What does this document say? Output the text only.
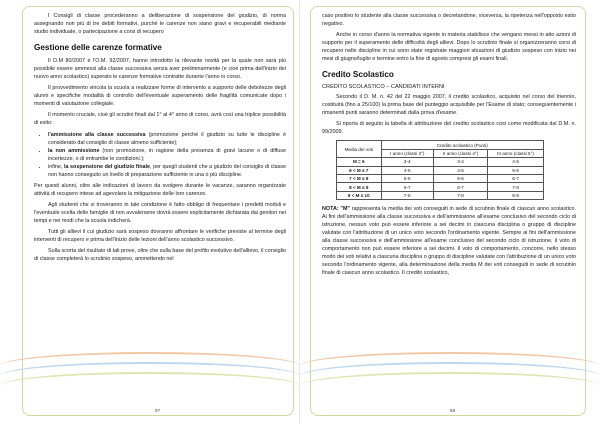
I Consigli di classe procederanno a deliberazione di sospensione del giudizio, di norma assegnando non più di tre debiti formativi, purché le carenze non siano gravi e recuperabili mediante studio individuale, o partecipazione a corsi di recupero

Gestione delle carenze formative

Il D.M 80/2007 e l'O.M. 92/2007, hanno introdotto la rilevante novità per la quale non sarà più possibile essere ammessi alla classe successiva senza aver preliminarmente (e cioè prima dell'inizio del nuovo anno scolastico) superato le carenze formative contratte durante l'anno in corso.

Il provvedimento vincola la scuola a realizzare forme di intervento a supporto delle debolezze degli alunni e specifiche modalità di controllo dell'eventuale superamento delle fragilità comunicate dopo i momenti di valutazione collegiale.

Il momento cruciale, cioè gli scrutini finali dal 1° al 4° anno di corso, avrà così una triplice possibilità di esito:

• l'ammissione alla classe successiva (promozione perché il giudizio su tutte le discipline è considerato dal consiglio di classe almeno sufficiente);
• la non ammissione (non promozione, in ragione della presenza di gravi lacune o di diffuse incertezze, o di entrambe le condizioni.);
• infine, la sospensione del giudizio finale, per quegli studenti che a giudizio del consiglio di classe non hanno conseguito un livello di preparazione sufficiente in una o più discipline.

Per questi alunni, oltre alle indicazioni di lavoro da svolgere durante le vacanze, saranno organizzate attività di recupero intese ad agevolare la mitigazione delle loro carenze.

Agli studenti che si troveranno in tale condizione è fatto obbligo di frequentare i predetti moduli e l'eventuale scelta delle famiglie di non avvalersene dovrà essere esplicitamente dichiarata dai genitori nei tempi e nei modi che la scuola indicherà.

Tutti gli allievi il cui giudizio sarà sospeso dovranno affrontare le verifiche previste al termine degli interventi di recupero e prima dell'inizio delle lezioni dell'anno scolastico successivo.

Sulla scorta del risultato di tali prove, oltre che sulla base del profilo evolutivo dell'allievo, il consiglio di classe completerà lo scrutinio sospeso, ammettendo nel

57

caso positivo lo studente alla classe successiva o decretandone, viceversa, la ripetenza nell'opposto esito negativo.

Anche in corso d'anno la normativa vigente in materia stabilisce che vengano messi in atto azioni di supporto per il superamento delle difficoltà degli allievi. Dopo lo scrutinio finale si organizzeranno corsi di recupero nelle discipline in cui sono state registrate maggiori situazioni di giudizio sospeso con inizio nei mesi di giugno/luglio e termine entro la fine di agosto compresi gli esami finali.

Credito Scolastico
CREDITO SCOLASTICO – CANDIDATI INTERNI

Secondo il D. M. n. 42 del 22 maggio 2007, il credito scolastico, acquisito nel corso del triennio, costituirà (fino a 25/100) la prima base del punteggio acquisibile per l'Esame di stato; conseguentemente i rimanenti punti saranno determinati dalla prova d'esame.

Si riporta di seguito la tabella di attribuzione del credito scolastico così come modificata dal D.M. n. 99/2009.

Media dei voti	Credito scolastico (Punti)		
	I anno (classi 3°)	II anno (classi 4°)	III anno (classi 5°)
M = 6	3-4	3-4	4-5
6 < M ≤ 7	4-5	4-5	5-6
7 < M ≤ 8	5-6	5-6	6-7
8 < M ≤ 9	6-7	6-7	7-8
9 < M ≤ 10	7-8	7-8	8-9

NOTA: "M" rappresenta la media dei voti conseguiti in sede di scrutinio finale di ciascun anno scolastico. Ai fini dell'ammissione alla classe successiva e dell'ammissione all'esame conclusivo del secondo ciclo di istruzione, nessun voto può essere inferiore a sei decimi in ciascuna disciplina o gruppo di discipline valutate con l'attribuzione di un unico voto secondo l'ordinamento vigente. Sempre ai fini dell'ammissione alla classe successiva e dell'ammissione all'esame conclusivo del secondo ciclo di istruzione, il voto di comportamento non può essere inferiore a sei decimi. Il voto di comportamento, concorre, nello stesso modo dei voti relativi a ciascuna disciplina o gruppo di discipline valutate con l'attribuzione di un unico voto secondo l'ordinamento vigente, alla determinazione della media M dei voti conseguiti in sede di scrutinio finale di ciascun anno scolastico. Il credito scolastico,

58
